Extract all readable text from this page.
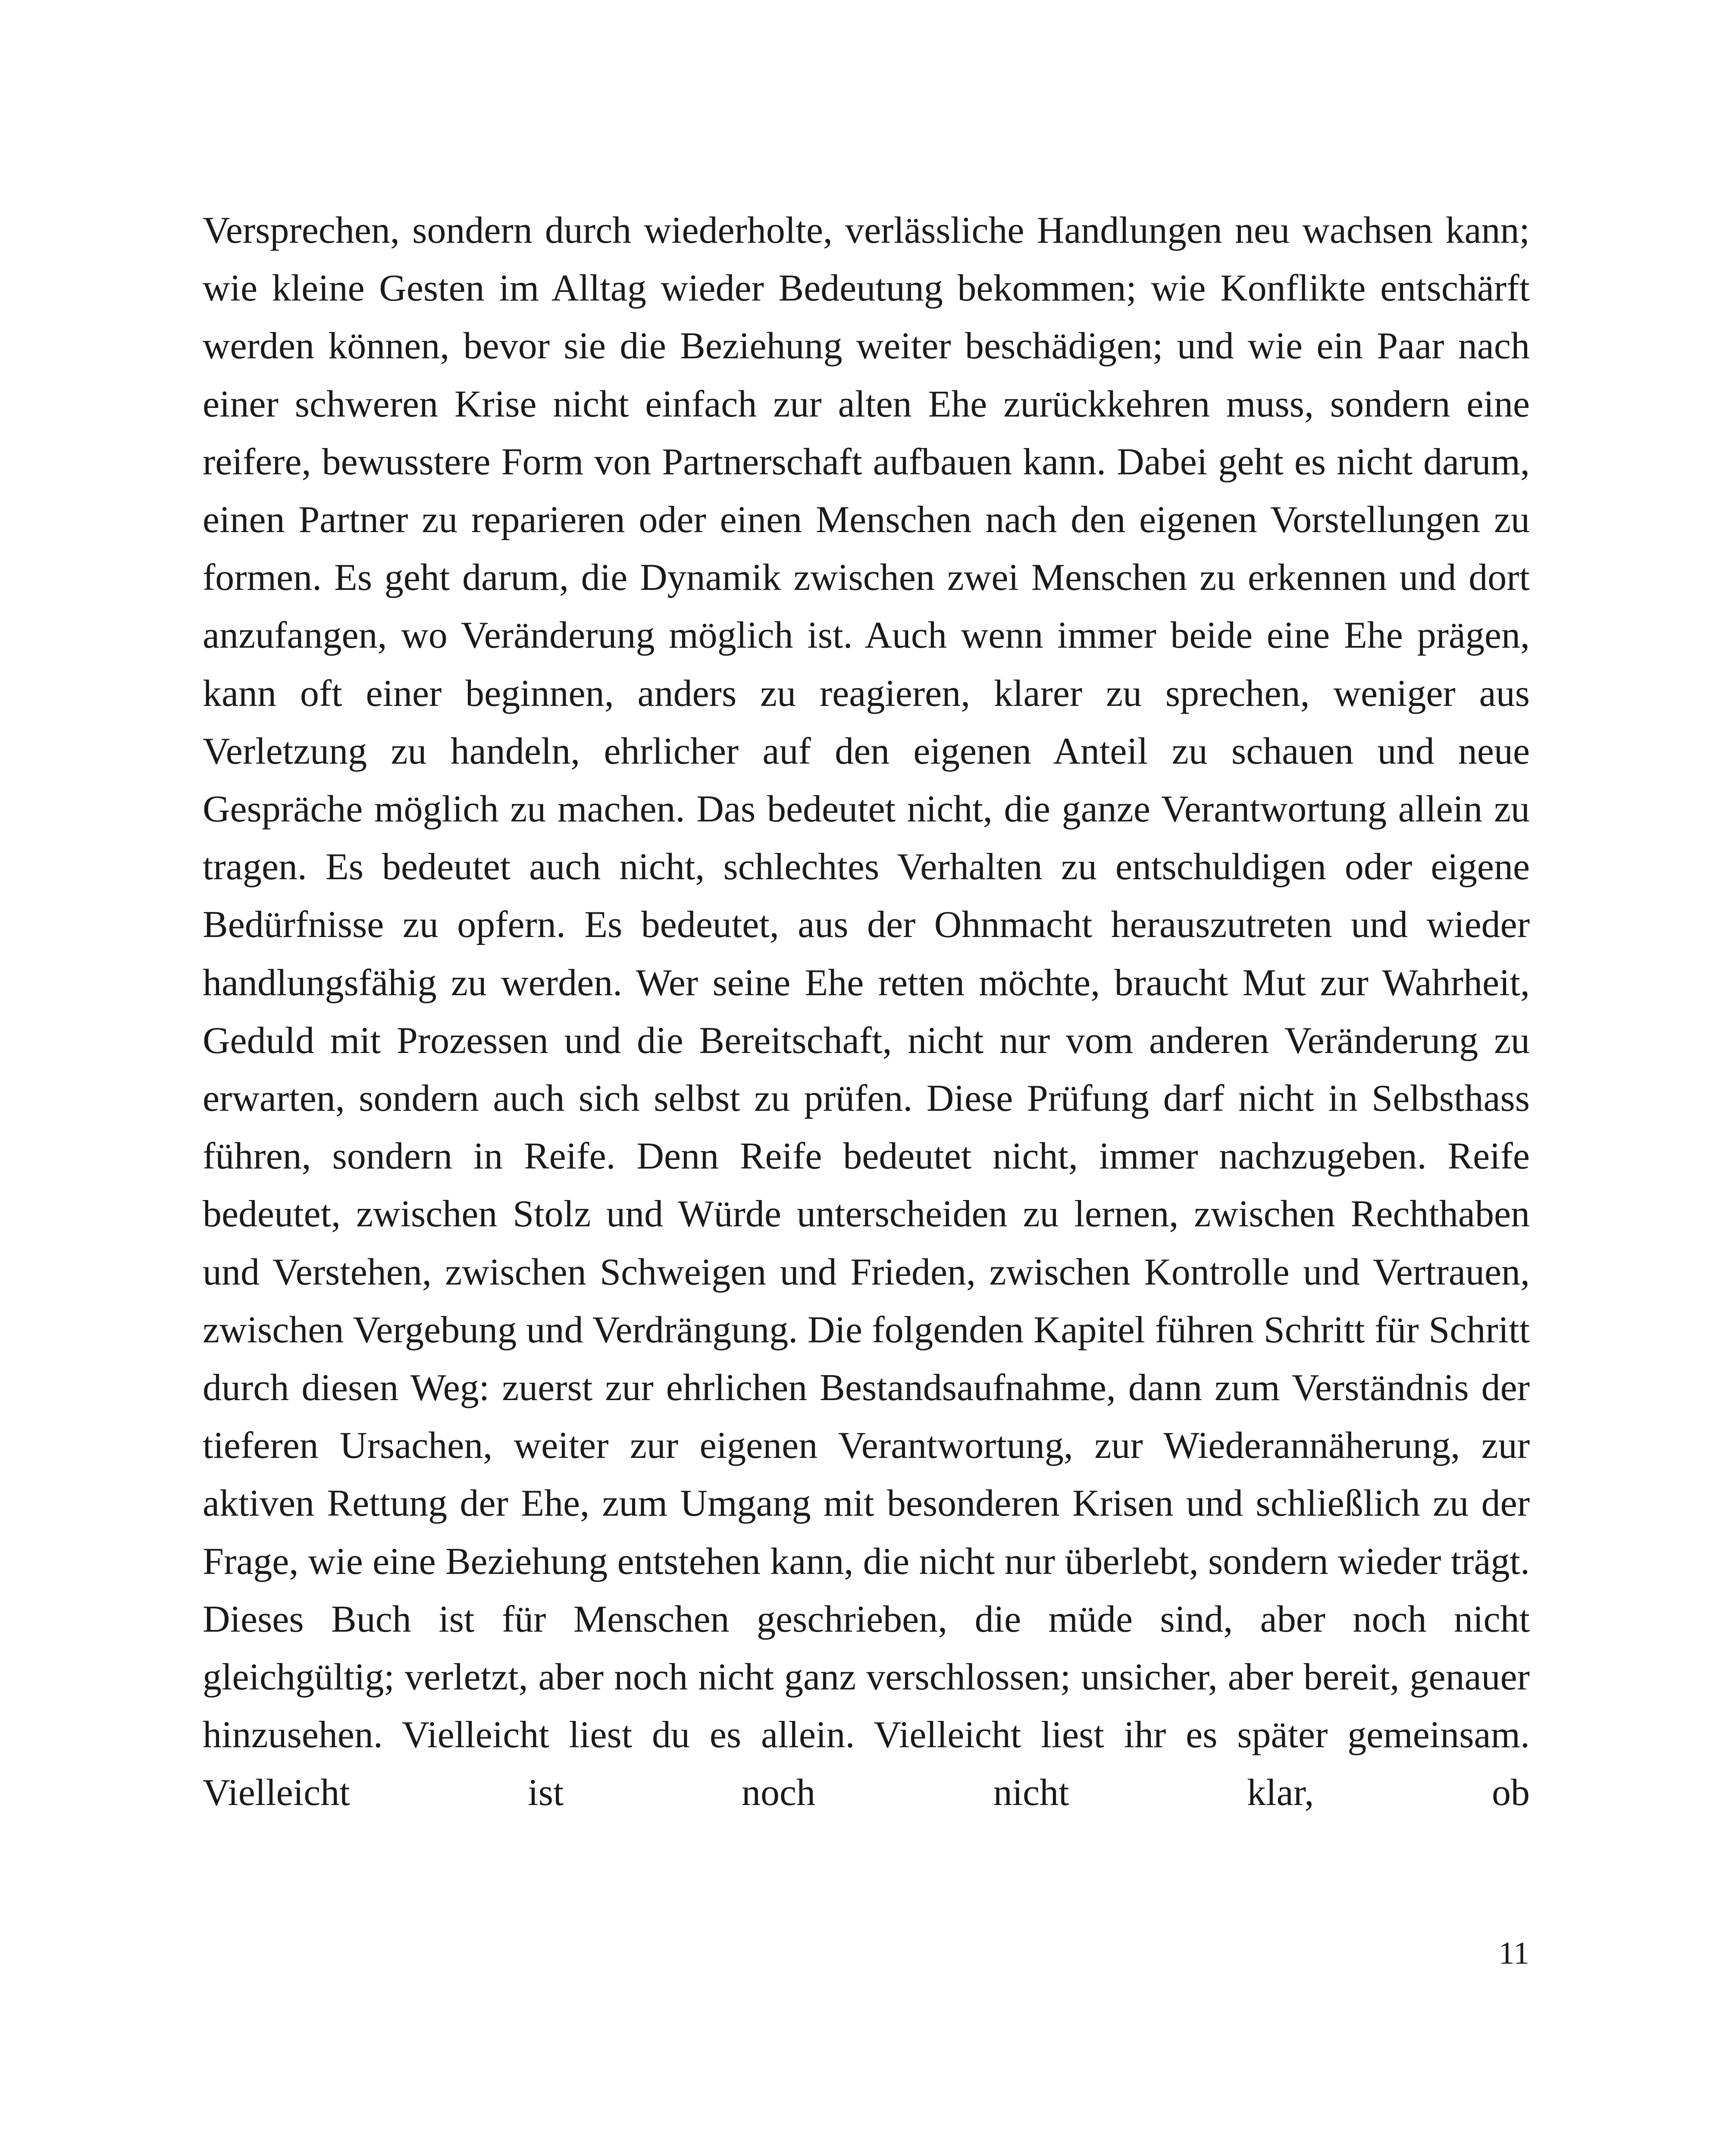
Versprechen, sondern durch wiederholte, verlässliche Handlungen neu wachsen kann; wie kleine Gesten im Alltag wieder Bedeutung bekommen; wie Konflikte entschärft werden können, bevor sie die Beziehung weiter beschädigen; und wie ein Paar nach einer schweren Krise nicht einfach zur alten Ehe zurückkehren muss, sondern eine reifere, bewusstere Form von Partnerschaft aufbauen kann. Dabei geht es nicht darum, einen Partner zu reparieren oder einen Menschen nach den eigenen Vorstellungen zu formen. Es geht darum, die Dynamik zwischen zwei Menschen zu erkennen und dort anzufangen, wo Veränderung möglich ist. Auch wenn immer beide eine Ehe prägen, kann oft einer beginnen, anders zu reagieren, klarer zu sprechen, weniger aus Verletzung zu handeln, ehrlicher auf den eigenen Anteil zu schauen und neue Gespräche möglich zu machen. Das bedeutet nicht, die ganze Verantwortung allein zu tragen. Es bedeutet auch nicht, schlechtes Verhalten zu entschuldigen oder eigene Bedürfnisse zu opfern. Es bedeutet, aus der Ohnmacht herauszutreten und wieder handlungsfähig zu werden. Wer seine Ehe retten möchte, braucht Mut zur Wahrheit, Geduld mit Prozessen und die Bereitschaft, nicht nur vom anderen Veränderung zu erwarten, sondern auch sich selbst zu prüfen. Diese Prüfung darf nicht in Selbsthass führen, sondern in Reife. Denn Reife bedeutet nicht, immer nachzugeben. Reife bedeutet, zwischen Stolz und Würde unterscheiden zu lernen, zwischen Rechthaben und Verstehen, zwischen Schweigen und Frieden, zwischen Kontrolle und Vertrauen, zwischen Vergebung und Verdrängung. Die folgenden Kapitel führen Schritt für Schritt durch diesen Weg: zuerst zur ehrlichen Bestandsaufnahme, dann zum Verständnis der tieferen Ursachen, weiter zur eigenen Verantwortung, zur Wiederannäherung, zur aktiven Rettung der Ehe, zum Umgang mit besonderen Krisen und schließlich zu der Frage, wie eine Beziehung entstehen kann, die nicht nur überlebt, sondern wieder trägt. Dieses Buch ist für Menschen geschrieben, die müde sind, aber noch nicht gleichgültig; verletzt, aber noch nicht ganz verschlossen; unsicher, aber bereit, genauer hinzusehen. Vielleicht liest du es allein. Vielleicht liest ihr es später gemeinsam. Vielleicht ist noch nicht klar, ob

11
